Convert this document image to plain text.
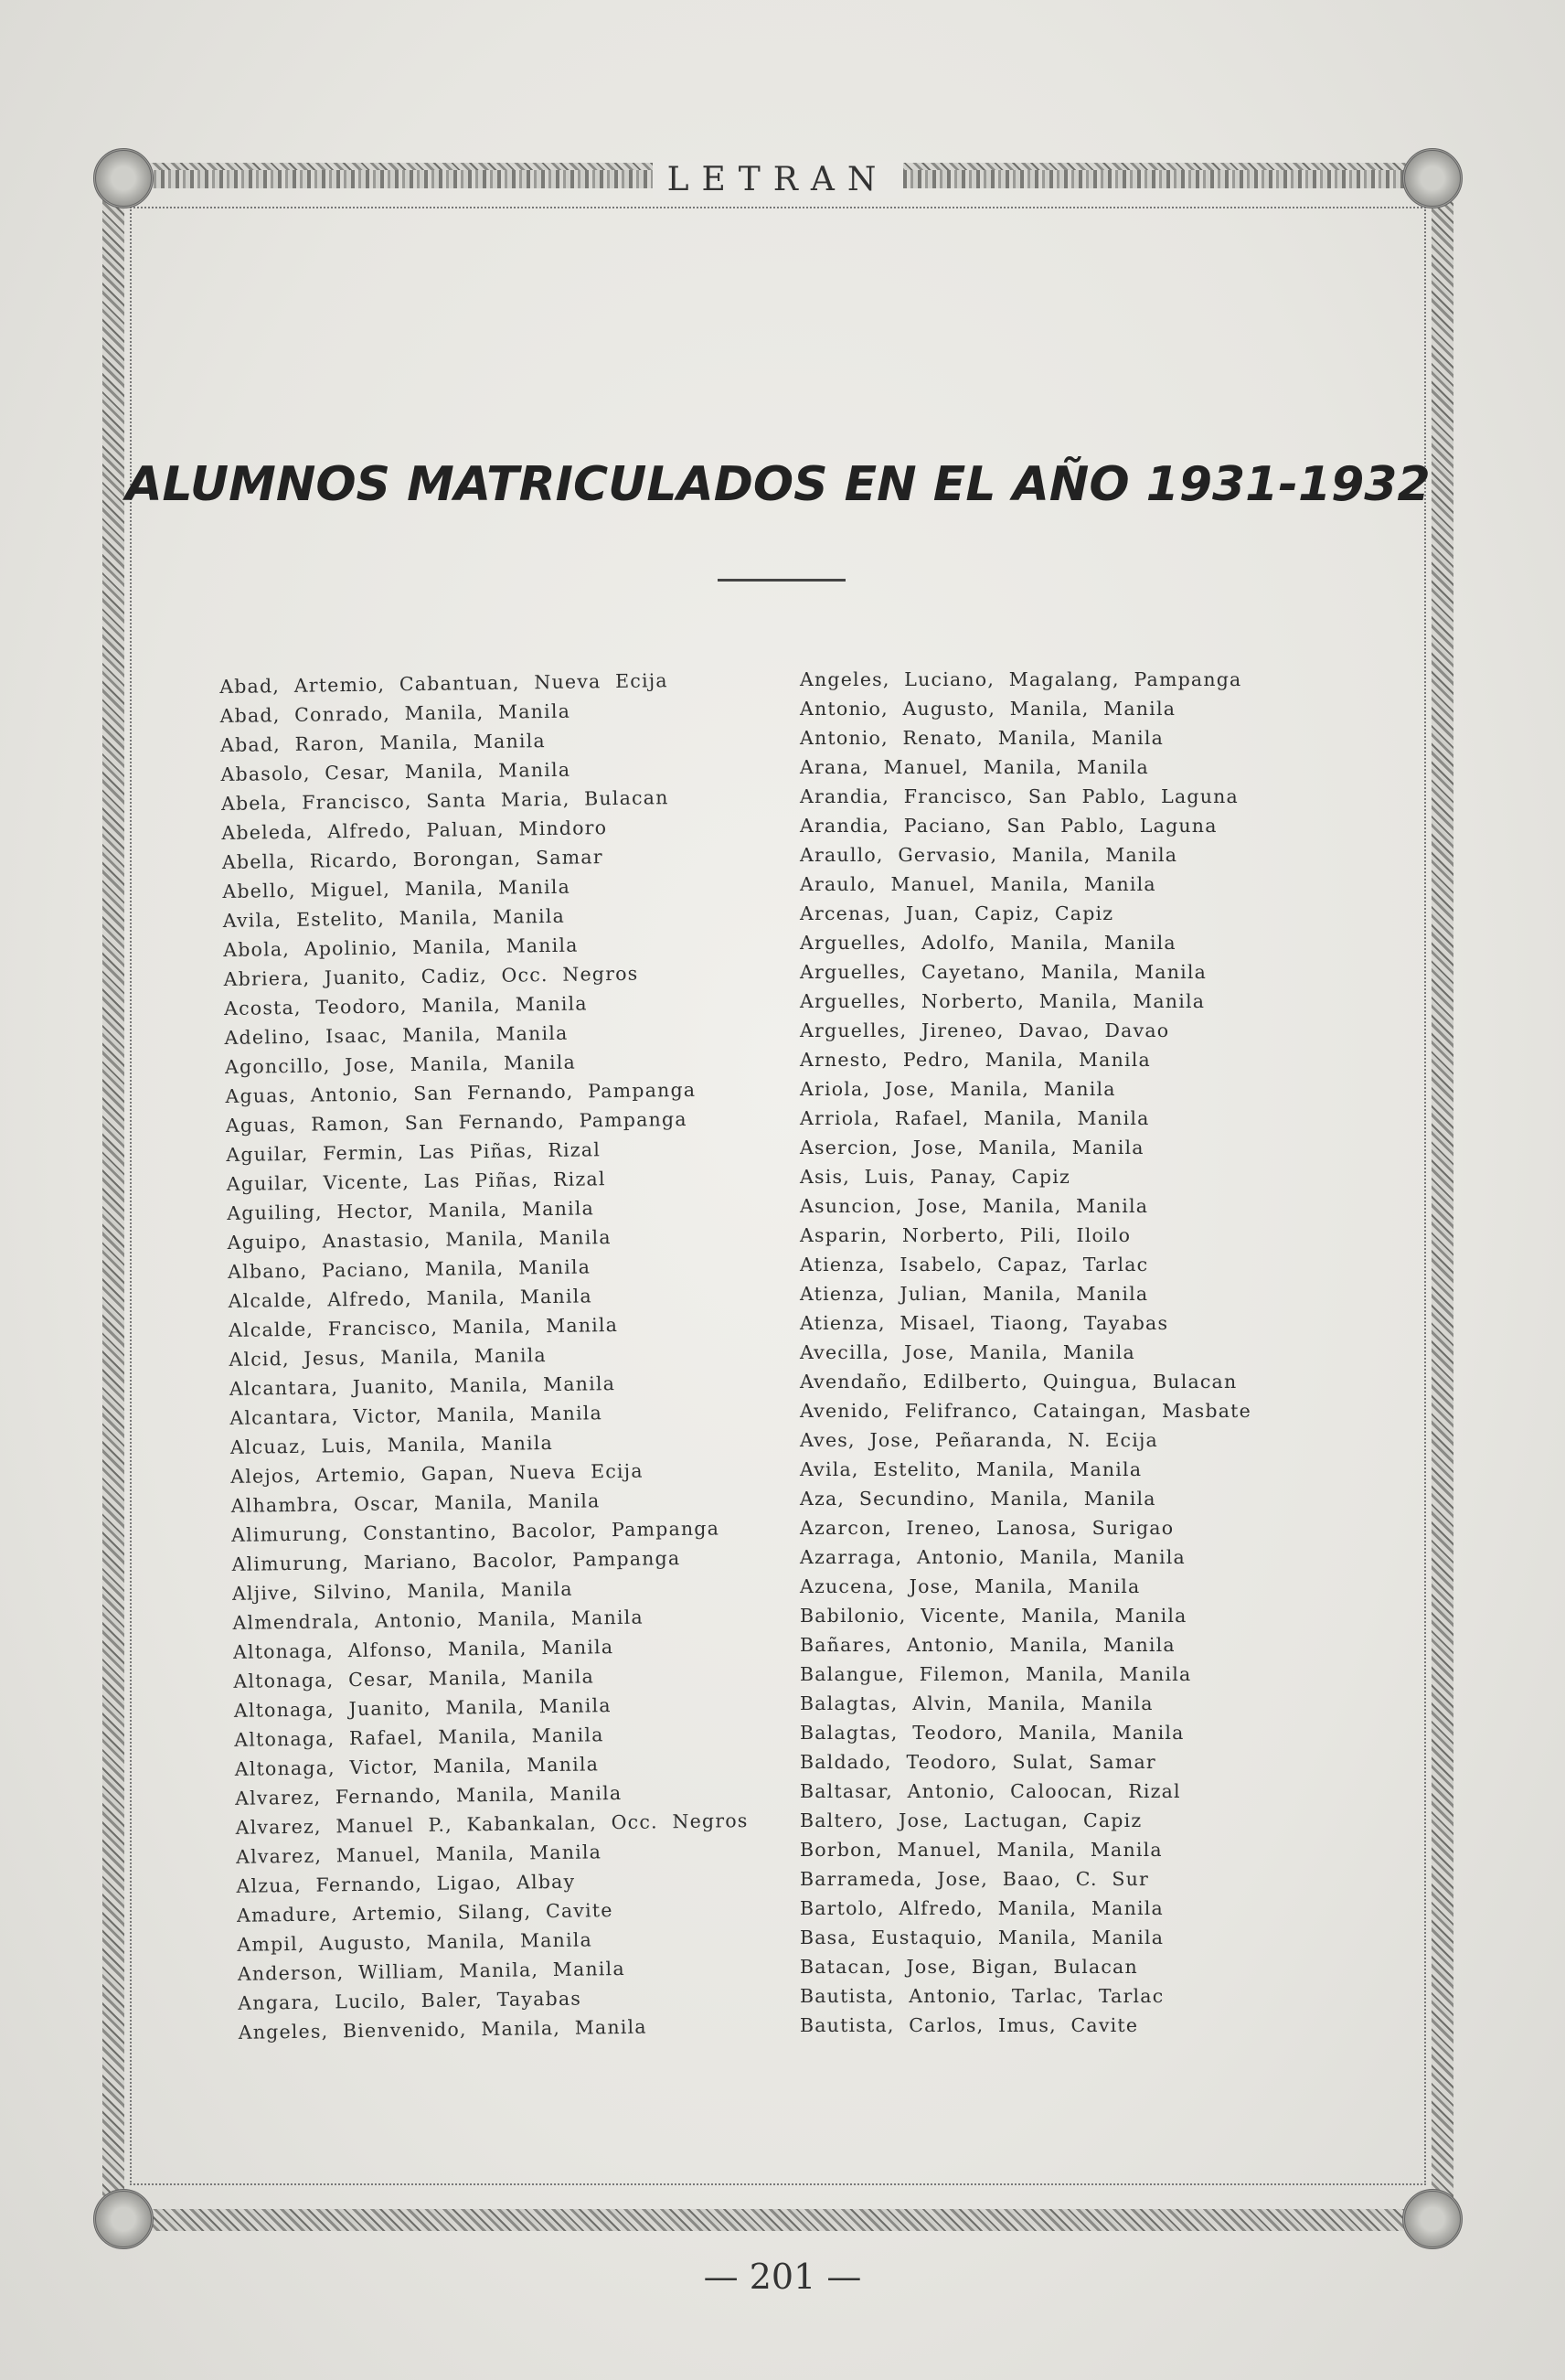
LETRAN
ALUMNOS MATRICULADOS EN EL AÑO 1931-1932
Abad, Artemio, Cabantuan, Nueva Ecija
Abad, Conrado, Manila, Manila
Abad, Raron, Manila, Manila
Abasolo, Cesar, Manila, Manila
Abela, Francisco, Santa Maria, Bulacan
Abeleda, Alfredo, Paluan, Mindoro
Abella, Ricardo, Borongan, Samar
Abello, Miguel, Manila, Manila
Avila, Estelito, Manila, Manila
Abola, Apolinio, Manila, Manila
Abriera, Juanito, Cadiz, Occ. Negros
Acosta, Teodoro, Manila, Manila
Adelino, Isaac, Manila, Manila
Agoncillo, Jose, Manila, Manila
Aguas, Antonio, San Fernando, Pampanga
Aguas, Ramon, San Fernando, Pampanga
Aguilar, Fermin, Las Piñas, Rizal
Aguilar, Vicente, Las Piñas, Rizal
Aguiling, Hector, Manila, Manila
Aguipo, Anastasio, Manila, Manila
Albano, Paciano, Manila, Manila
Alcalde, Alfredo, Manila, Manila
Alcalde, Francisco, Manila, Manila
Alcid, Jesus, Manila, Manila
Alcantara, Juanito, Manila, Manila
Alcantara, Victor, Manila, Manila
Alcuaz, Luis, Manila, Manila
Alejos, Artemio, Gapan, Nueva Ecija
Alhambra, Oscar, Manila, Manila
Alimurung, Constantino, Bacolor, Pampanga
Alimurung, Mariano, Bacolor, Pampanga
Aljive, Silvino, Manila, Manila
Almendrala, Antonio, Manila, Manila
Altonaga, Alfonso, Manila, Manila
Altonaga, Cesar, Manila, Manila
Altonaga, Juanito, Manila, Manila
Altonaga, Rafael, Manila, Manila
Altonaga, Victor, Manila, Manila
Alvarez, Fernando, Manila, Manila
Alvarez, Manuel P., Kabankalan, Occ. Negros
Alvarez, Manuel, Manila, Manila
Alzua, Fernando, Ligao, Albay
Amadure, Artemio, Silang, Cavite
Ampil, Augusto, Manila, Manila
Anderson, William, Manila, Manila
Angara, Lucilo, Baler, Tayabas
Angeles, Bienvenido, Manila, Manila
Angeles, Luciano, Magalang, Pampanga
Antonio, Augusto, Manila, Manila
Antonio, Renato, Manila, Manila
Arana, Manuel, Manila, Manila
Arandia, Francisco, San Pablo, Laguna
Arandia, Paciano, San Pablo, Laguna
Araullo, Gervasio, Manila, Manila
Araulo, Manuel, Manila, Manila
Arcenas, Juan, Capiz, Capiz
Arguelles, Adolfo, Manila, Manila
Arguelles, Cayetano, Manila, Manila
Arguelles, Norberto, Manila, Manila
Arguelles, Jireneo, Davao, Davao
Arnesto, Pedro, Manila, Manila
Ariola, Jose, Manila, Manila
Arriola, Rafael, Manila, Manila
Asercion, Jose, Manila, Manila
Asis, Luis, Panay, Capiz
Asuncion, Jose, Manila, Manila
Asparin, Norberto, Pili, Iloilo
Atienza, Isabelo, Capaz, Tarlac
Atienza, Julian, Manila, Manila
Atienza, Misael, Tiaong, Tayabas
Avecilla, Jose, Manila, Manila
Avendaño, Edilberto, Quingua, Bulacan
Avenido, Felifranco, Cataingan, Masbate
Aves, Jose, Peñaranda, N. Ecija
Avila, Estelito, Manila, Manila
Aza, Secundino, Manila, Manila
Azarcon, Ireneo, Lanosa, Surigao
Azarraga, Antonio, Manila, Manila
Azucena, Jose, Manila, Manila
Babilonio, Vicente, Manila, Manila
Bañares, Antonio, Manila, Manila
Balangue, Filemon, Manila, Manila
Balagtas, Alvin, Manila, Manila
Balagtas, Teodoro, Manila, Manila
Baldado, Teodoro, Sulat, Samar
Baltasar, Antonio, Caloocan, Rizal
Baltero, Jose, Lactugan, Capiz
Borbon, Manuel, Manila, Manila
Barrameda, Jose, Baao, C. Sur
Bartolo, Alfredo, Manila, Manila
Basa, Eustaquio, Manila, Manila
Batacan, Jose, Bigan, Bulacan
Bautista, Antonio, Tarlac, Tarlac
Bautista, Carlos, Imus, Cavite
— 201 —
